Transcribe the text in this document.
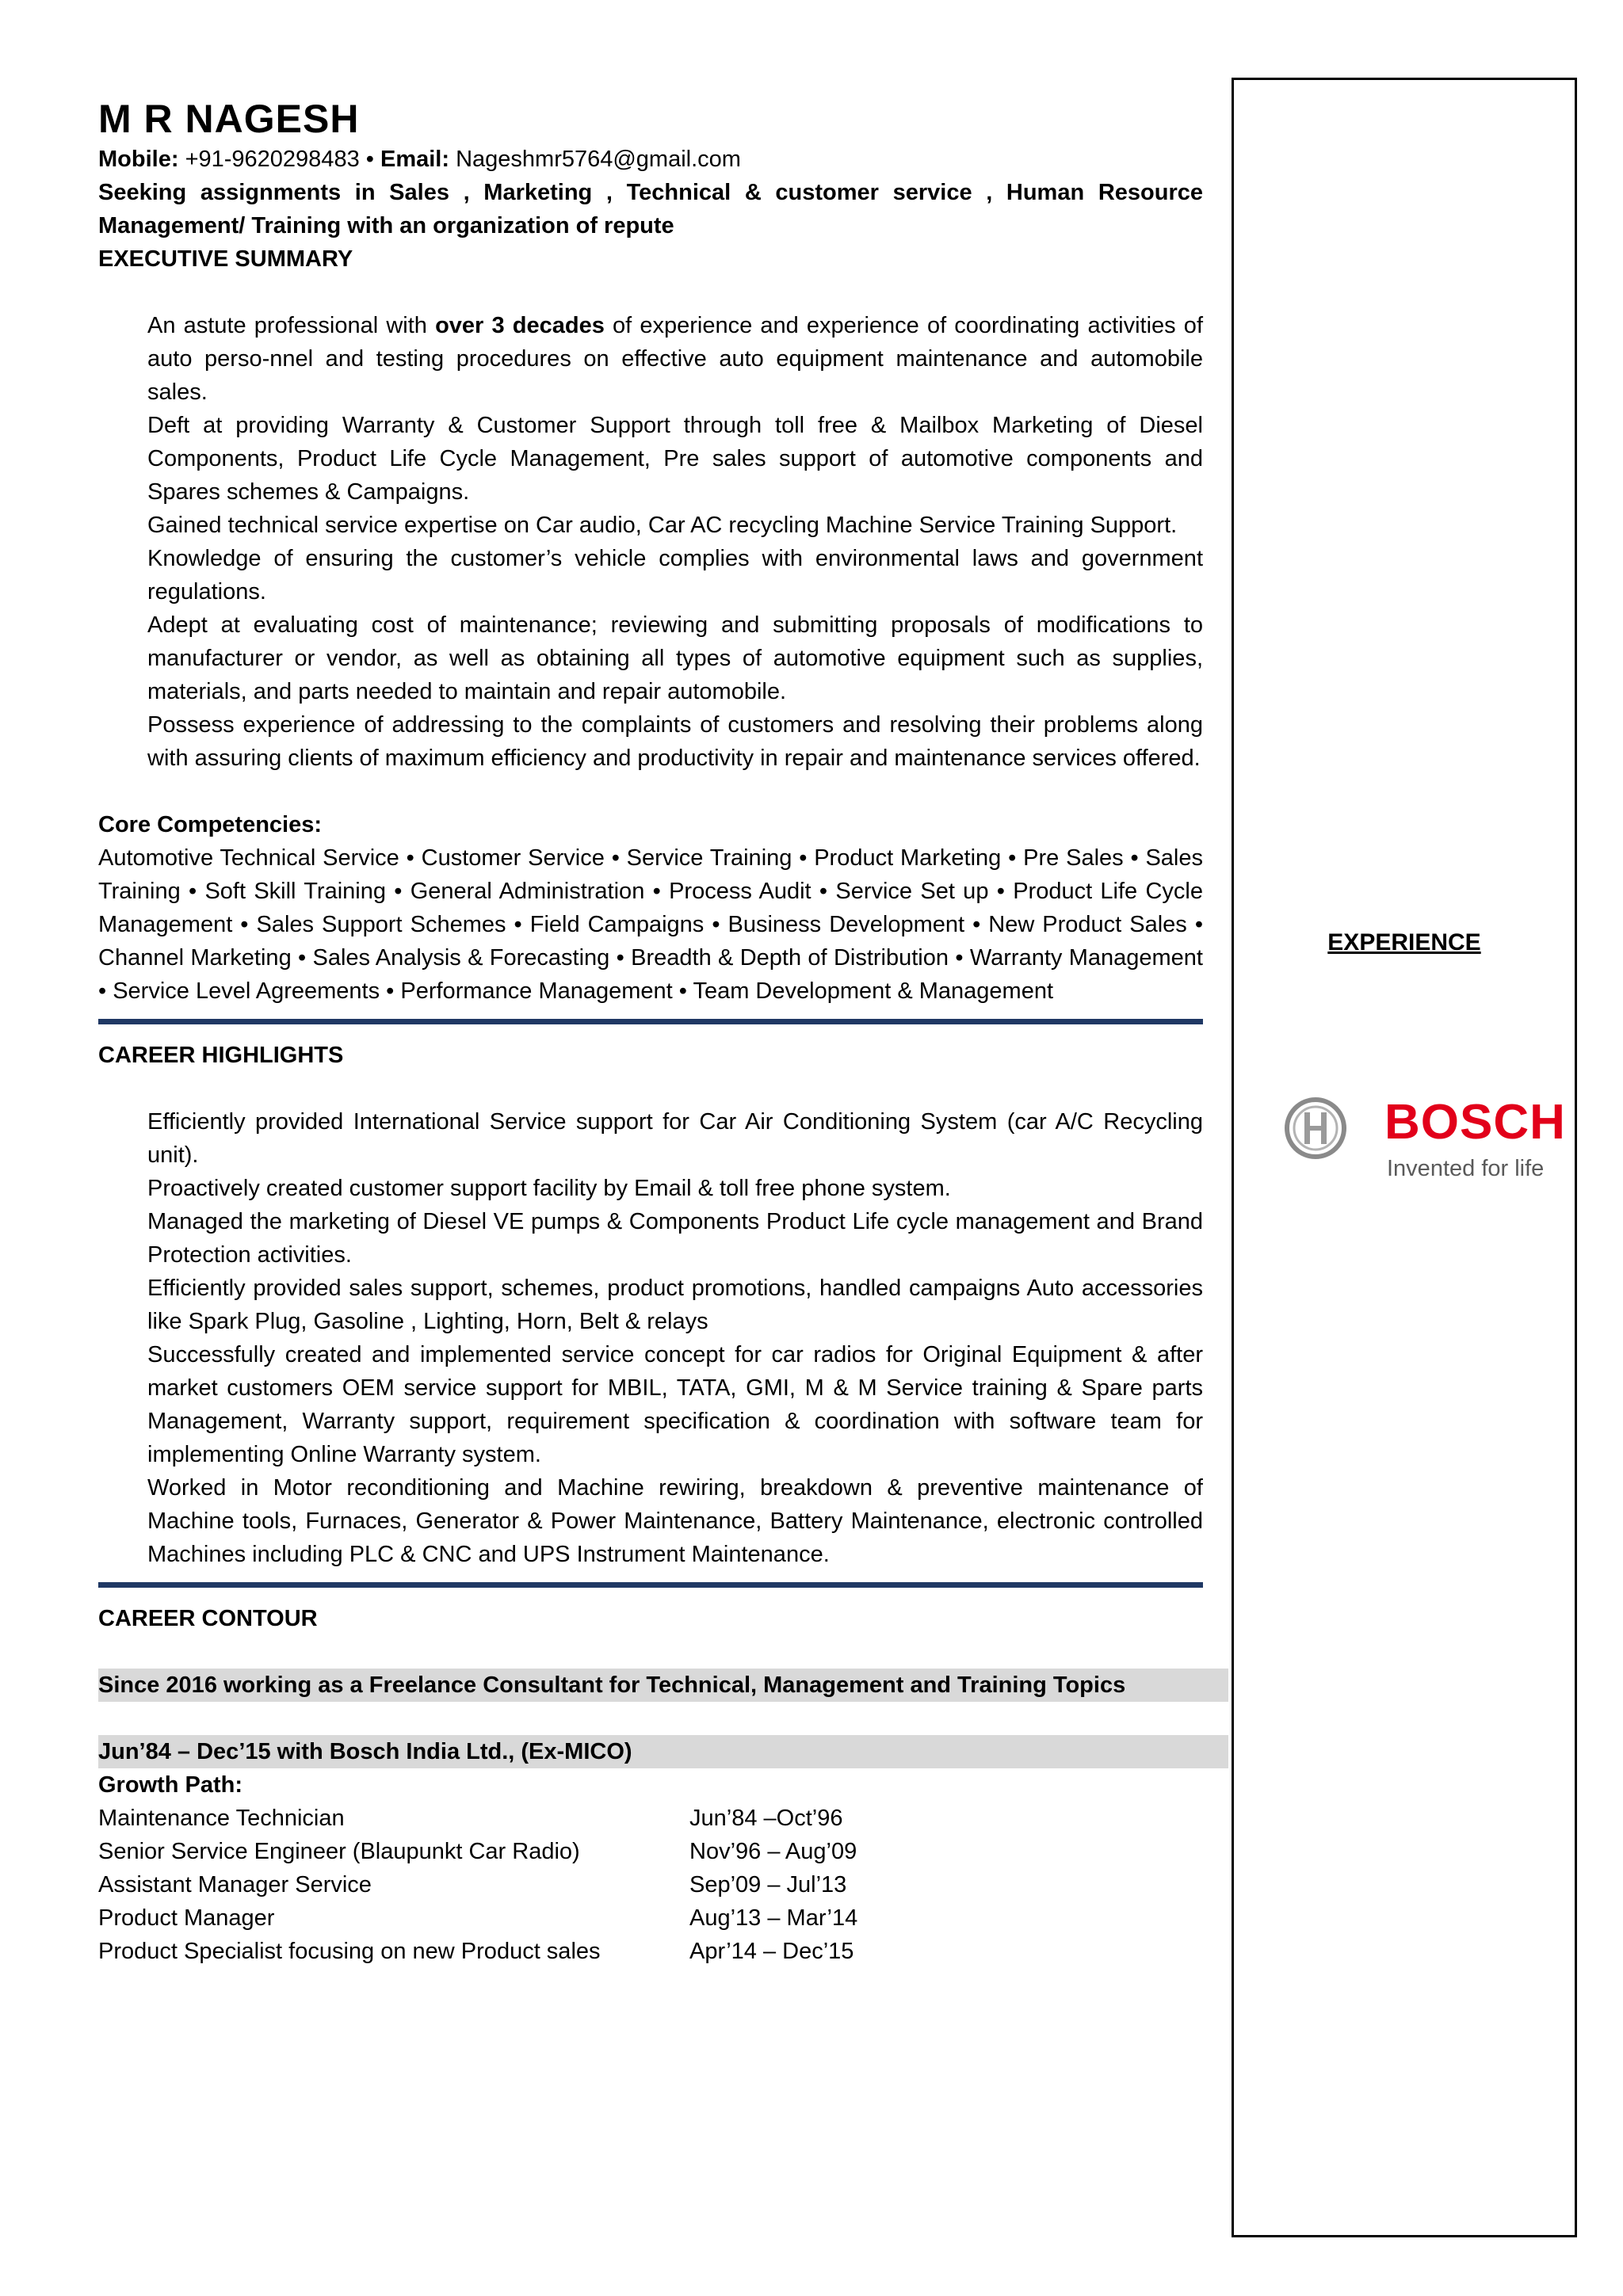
M R NAGESH
Mobile: +91-9620298483 • Email: Nageshmr5764@gmail.com
Seeking assignments in Sales , Marketing , Technical & customer service , Human Resource Management/ Training with an organization of repute
EXECUTIVE SUMMARY
An astute professional with over 3 decades of experience and experience of coordinating activities of auto perso-nnel and testing procedures on effective auto equipment maintenance and automobile sales.
Deft at providing Warranty & Customer Support through toll free & Mailbox Marketing of Diesel Components, Product Life Cycle Management, Pre sales support of automotive components and Spares schemes & Campaigns.
Gained technical service expertise on Car audio, Car AC recycling Machine Service Training Support.
Knowledge of ensuring the customer’s vehicle complies with environmental laws and government regulations.
Adept at evaluating cost of maintenance; reviewing and submitting proposals of modifications to manufacturer or vendor, as well as obtaining all types of automotive equipment such as supplies, materials, and parts needed to maintain and repair automobile.
Possess experience of addressing to the complaints of customers and resolving their problems along with assuring clients of maximum efficiency and productivity in repair and maintenance services offered.
Core Competencies:
Automotive Technical Service • Customer Service • Service Training • Product Marketing • Pre Sales • Sales Training • Soft Skill Training • General Administration • Process Audit • Service Set up • Product Life Cycle Management • Sales Support Schemes • Field Campaigns • Business Development • New Product Sales • Channel Marketing • Sales Analysis & Forecasting • Breadth & Depth of Distribution • Warranty Management • Service Level Agreements • Performance Management • Team Development & Management
CAREER HIGHLIGHTS
Efficiently provided International Service support for Car Air Conditioning System (car A/C Recycling unit).
Proactively created customer support facility by Email & toll free phone system.
Managed the marketing of Diesel VE pumps & Components Product Life cycle management and Brand Protection activities.
Efficiently provided sales support, schemes, product promotions, handled campaigns Auto accessories like Spark Plug, Gasoline , Lighting, Horn, Belt & relays
Successfully created and implemented service concept for car radios for Original Equipment & after market customers OEM service support for MBIL, TATA, GMI, M & M Service training & Spare parts Management, Warranty support, requirement specification & coordination with software team for implementing Online Warranty system.
Worked in Motor reconditioning and Machine rewiring, breakdown & preventive maintenance of Machine tools, Furnaces, Generator & Power Maintenance, Battery Maintenance, electronic controlled Machines including PLC & CNC and UPS Instrument Maintenance.
CAREER CONTOUR
Since 2016 working as a Freelance Consultant for Technical, Management and Training Topics
Jun’84 – Dec’15 with Bosch India Ltd., (Ex-MICO)
Growth Path:
Maintenance Technician	Jun’84 –Oct’96
Senior Service Engineer (Blaupunkt Car Radio)	Nov’96 – Aug’09
Assistant Manager Service	Sep’09 – Jul’13
Product Manager	Aug’13 – Mar’14
Product Specialist focusing on new Product sales	Apr’14 – Dec’15
EXPERIENCE
BOSCH
Invented for life
